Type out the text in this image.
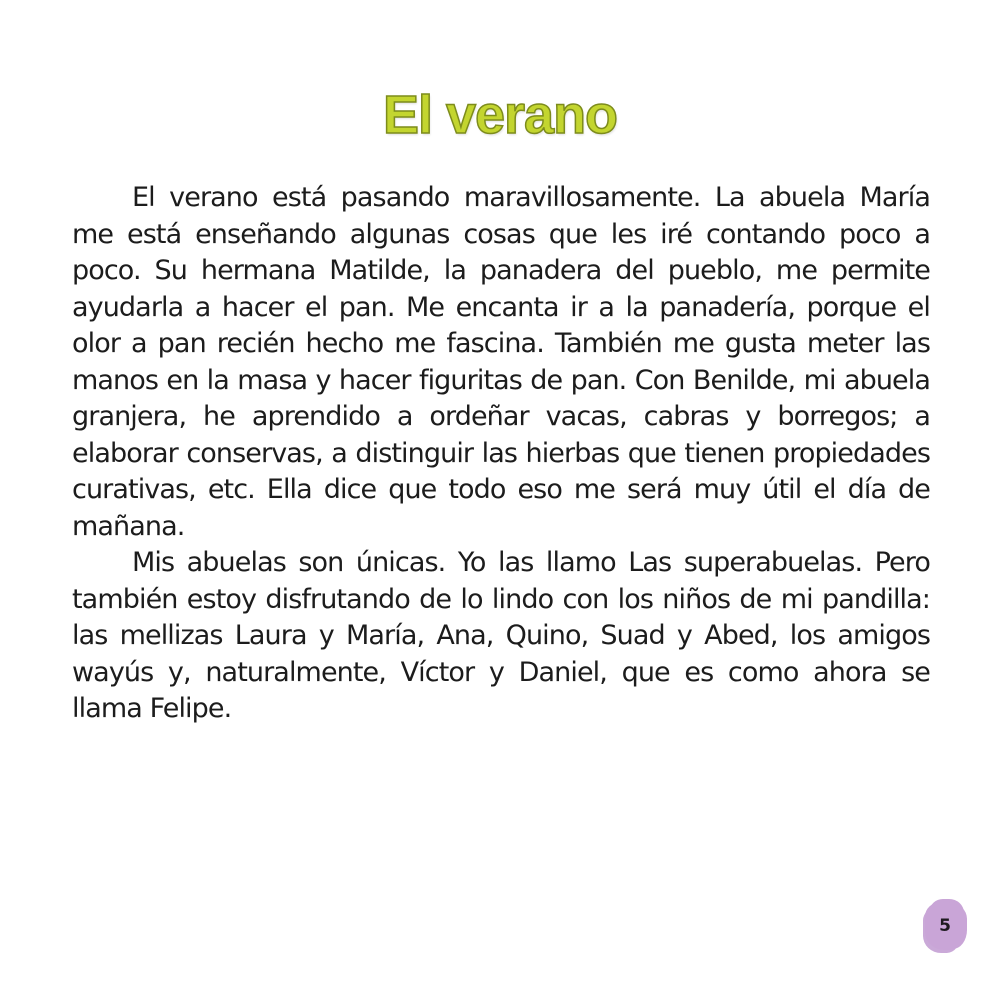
El verano

El verano está pasando maravillosamente. La abuela María me está enseñando algunas cosas que les iré contando poco a poco. Su hermana Matilde, la panadera del pueblo, me permite ayudarla a hacer el pan. Me encanta ir a la panadería, porque el olor a pan recién hecho me fascina. También me gusta meter las manos en la masa y hacer figuritas de pan. Con Benilde, mi abuela granjera, he aprendido a ordeñar vacas, cabras y borregos; a elaborar conservas, a distinguir las hierbas que tienen propiedades curativas, etc. Ella dice que todo eso me será muy útil el día de mañana.

Mis abuelas son únicas. Yo las llamo Las superabuelas. Pero también estoy disfrutando de lo lindo con los niños de mi pandilla: las mellizas Laura y María, Ana, Quino, Suad y Abed, los amigos wayús y, naturalmente, Víctor y Daniel, que es como ahora se llama Felipe.

5
